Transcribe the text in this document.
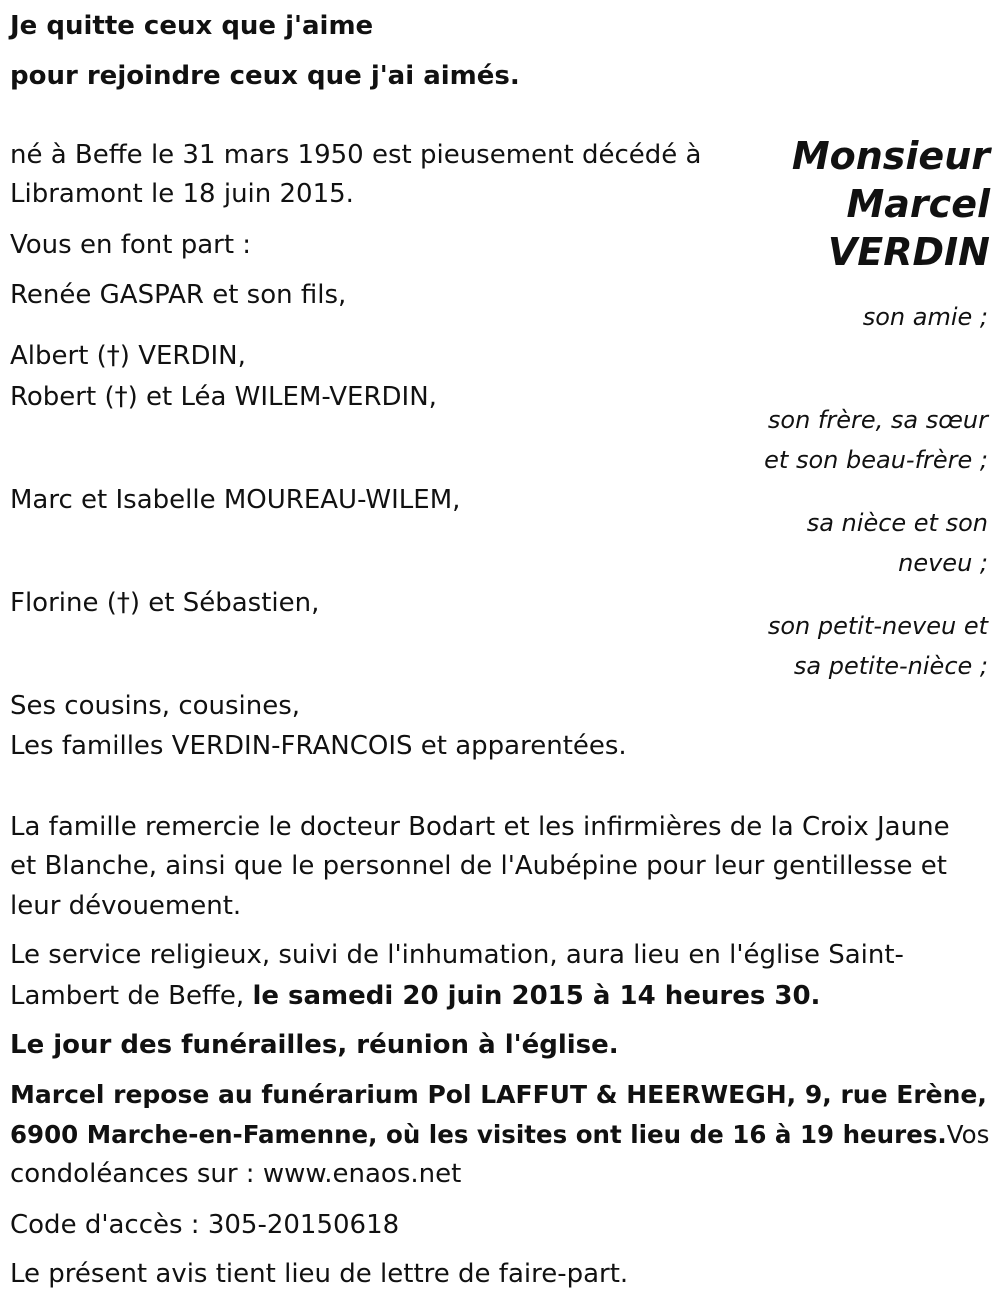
Je quitte ceux que j'aime
pour rejoindre ceux que j'ai aimés.
Monsieur
Marcel
VERDIN
né à Beffe le 31 mars 1950 est pieusement décédé à
Libramont le 18 juin 2015.
Vous en font part :
Renée GASPAR et son fils,
son amie ;
Albert (†) VERDIN,
Robert (†) et Léa WILEM-VERDIN,
son frère, sa sœur
et son beau-frère ;
Marc et Isabelle MOUREAU-WILEM,
sa nièce et son
neveu ;
Florine (†) et Sébastien,
son petit-neveu et
sa petite-nièce ;
Ses cousins, cousines,
Les familles VERDIN-FRANCOIS et apparentées.
La famille remercie le docteur Bodart et les infirmières de la Croix Jaune
et Blanche, ainsi que le personnel de l'Aubépine pour leur gentillesse et
leur dévouement.
Le service religieux, suivi de l'inhumation, aura lieu en l'église Saint-
Lambert de Beffe, le samedi 20 juin 2015 à 14 heures 30.
Le jour des funérailles, réunion à l'église.
Marcel repose au funérarium Pol LAFFUT & HEERWEGH, 9, rue Erène,
6900 Marche-en-Famenne, où les visites ont lieu de 16 à 19 heures.Vos
condoléances sur : www.enaos.net
Code d'accès : 305-20150618
Le présent avis tient lieu de lettre de faire-part.
